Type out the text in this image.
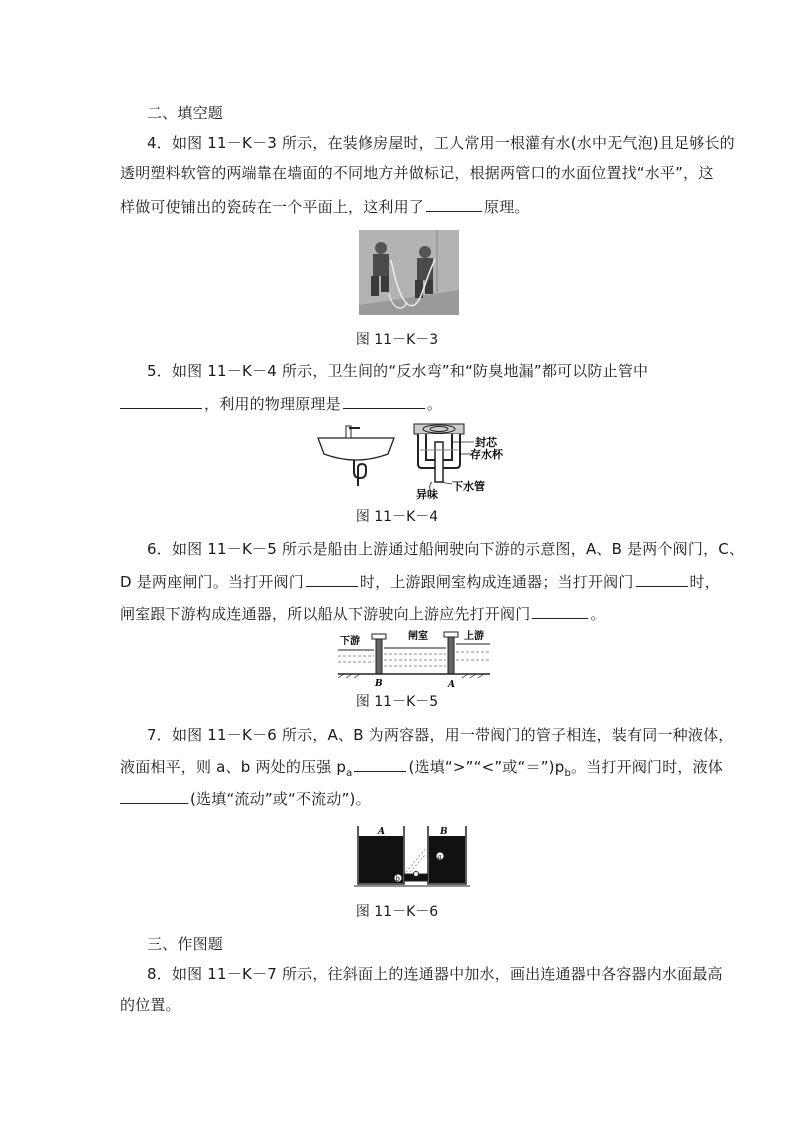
二、填空题
4．如图 11－K－3 所示，在装修房屋时，工人常用一根灌有水(水中无气泡)且足够长的
透明塑料软管的两端靠在墙面的不同地方并做标记，根据两管口的水面位置找“水平”，这
样做可使铺出的瓷砖在一个平面上，这利用了	原理。
图 11－K－3
5．如图 11－K－4 所示，卫生间的“反水弯”和“防臭地漏”都可以防止管中
，利用的物理原理是	。
封芯
存水杯
下水管
异味
图 11－K－4
6．如图 11－K－5 所示是船由上游通过船闸驶向下游的示意图，A、B 是两个阀门，C、
D 是两座闸门。当打开阀门	时，上游跟闸室构成连通器；当打开阀门	时，
闸室跟下游构成连通器，所以船从下游驶向上游应先打开阀门	。
下游	闸室	上游
B	A
图 11－K－5
7．如图 11－K－6 所示，A、B 为两容器，用一带阀门的管子相连，装有同一种液体，
液面相平，则 a、b 两处的压强 $p_a$	(选填“>”“<”或“$=”)p_b$。当打开阀门时，液体
(选填“流动”或“不流动”)。
A	B
b
a
图 11－K－6
三、作图题
8．如图 11－K－7 所示，往斜面上的连通器中加水，画出连通器中各容器内水面最高
的位置。
